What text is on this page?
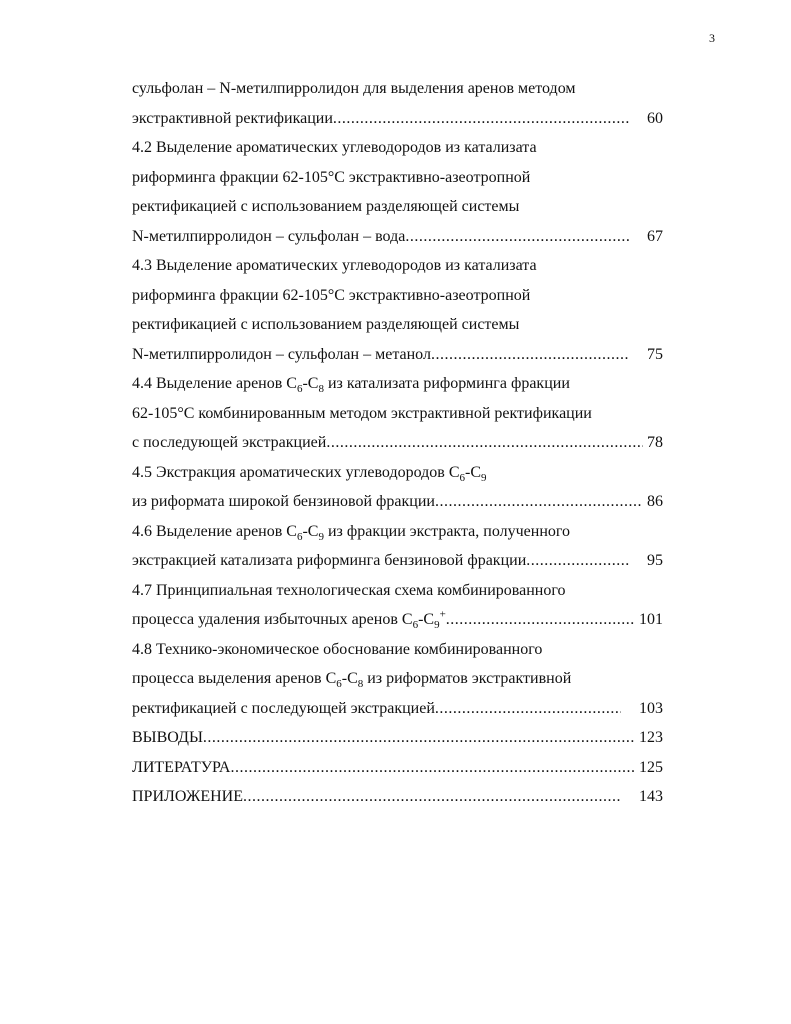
3
сульфолан – N-метилпирролидон для выделения аренов методом
экстрактивной ректификации .....	60
4.2 Выделение ароматических углеводородов из катализата
риформинга фракции 62-105°С экстрактивно-азеотропной
ректификацией с использованием разделяющей системы
N-метилпирролидон – сульфолан – вода .....	67
4.3 Выделение ароматических углеводородов из катализата
риформинга фракции 62-105°С экстрактивно-азеотропной
ректификацией с использованием разделяющей системы
N-метилпирролидон – сульфолан – метанол .....	75
4.4 Выделение аренов $С_6-С_8$ из катализата риформинга фракции
62-105°С комбинированным методом экстрактивной ректификации
с последующей экстракцией .....	78
4.5 Экстракция ароматических углеводородов $С_6-С_9$
из риформата широкой бензиновой фракции .....	86
4.6 Выделение аренов $С_6-С_9$ из фракции экстракта, полученного
экстракцией катализата риформинга бензиновой фракции .....	95
4.7 Принципиальная технологическая схема комбинированного
процесса удаления избыточных аренов $С_6-С_9^+$ .....	101
4.8 Технико-экономическое обоснование комбинированного
процесса выделения аренов $С_6-С_8$ из риформатов экстрактивной
ректификацией с последующей экстракцией .....	103
ВЫВОДЫ .....	123
ЛИТЕРАТУРА .....	125
ПРИЛОЖЕНИЕ .....	143
